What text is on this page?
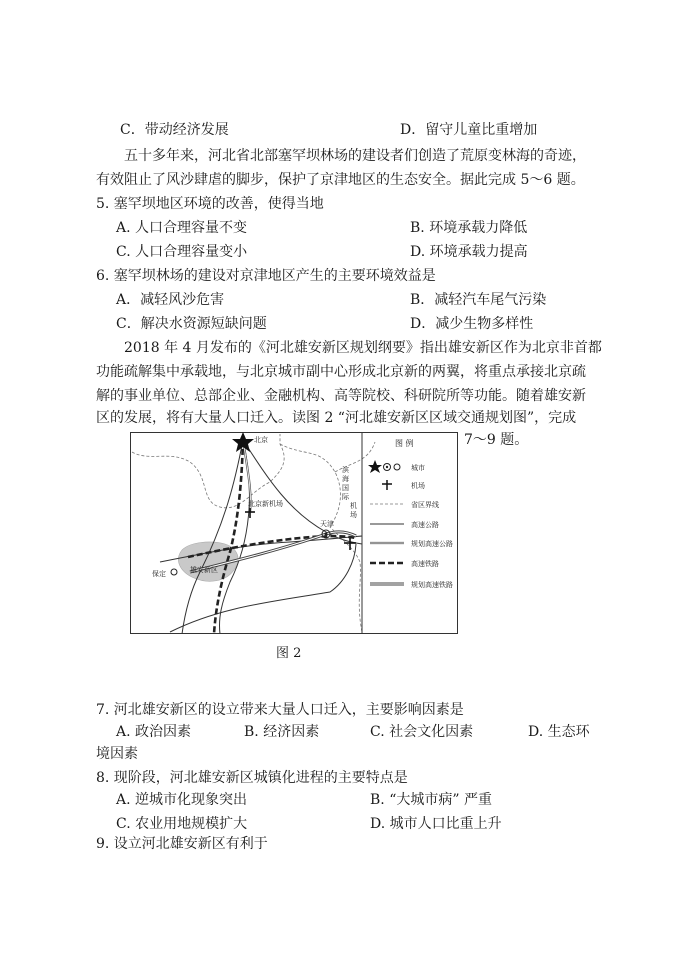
C．带动经济发展	D．留守儿童比重增加
五十多年来，河北省北部塞罕坝林场的建设者们创造了荒原变林海的奇迹，
有效阻止了风沙肆虐的脚步，保护了京津地区的生态安全。据此完成 5～6 题。
5. 塞罕坝地区环境的改善，使得当地
A. 人口合理容量不变	B. 环境承载力降低
C. 人口合理容量变小	D. 环境承载力提高
6. 塞罕坝林场的建设对京津地区产生的主要环境效益是
A．减轻风沙危害	B．减轻汽车尾气污染
C．解决水资源短缺问题	D．减少生物多样性
2018 年 4 月发布的《河北雄安新区规划纲要》指出雄安新区作为北京非首都
功能疏解集中承载地，与北京城市副中心形成北京新的两翼，将重点承接北京疏
解的事业单位、总部企业、金融机构、高等院校、科研院所等功能。随着雄安新
区的发展，将有大量人口迁入。读图 2 “河北雄安新区区域交通规划图”，完成
7～9 题。
北京
天津
保定	雄安新区
北京新机场
滨海国际 机场
图 例
城市
机场
省区界线
高速公路
规划高速公路
高速铁路
规划高速铁路
图 2
7. 河北雄安新区的设立带来大量人口迁入，主要影响因素是
A. 政治因素	B. 经济因素	C. 社会文化因素	D. 生态环
境因素
8. 现阶段，河北雄安新区城镇化进程的主要特点是
A. 逆城市化现象突出	B. “大城市病” 严重
C. 农业用地规模扩大	D. 城市人口比重上升
9. 设立河北雄安新区有利于
